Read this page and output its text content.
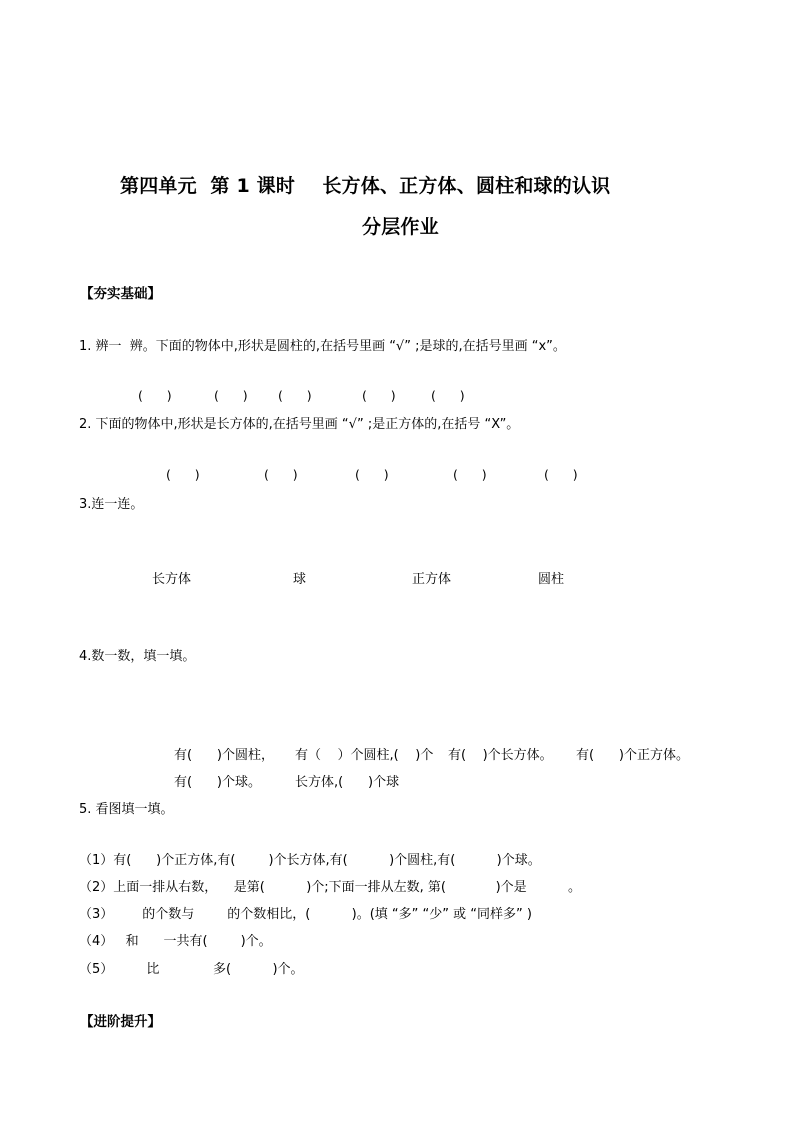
第四单元  第 1 课时    长方体、正方体、圆柱和球的认识
分层作业
【夯实基础】
1. 辨一  辨。下面的物体中,形状是圆柱的,在括号里画 “√” ;是球的,在括号里画 “x”。
(      )	(      ) (      )	(      )	(      )
2. 下面的物体中,形状是长方体的,在括号里画 “√” ;是正方体的,在括号 “X”。
(      )	(      )	(      )	(      )	(      )
3.连一连。
长方体	球	正方体	圆柱
4.数一数，填一填。
有(      )个圆柱， 有（    ）个圆柱,(    )个 有(    )个长方体。 有(      )个正方体。
有(      )个球。	长方体,(      )个球
5. 看图填一填。
（1）有(      )个正方体,有(        )个长方体,有(          )个圆柱,有(          )个球。
（2）上面一排从右数，    是第(          )个;下面一排从左数, 第(            )个是          。
（3）       的个数与        的个数相比，(          )。(填 “多” “少” 或 “同样多” )
（4）   和      一共有(        )个。
（5）        比             多(          )个。
【进阶提升】
